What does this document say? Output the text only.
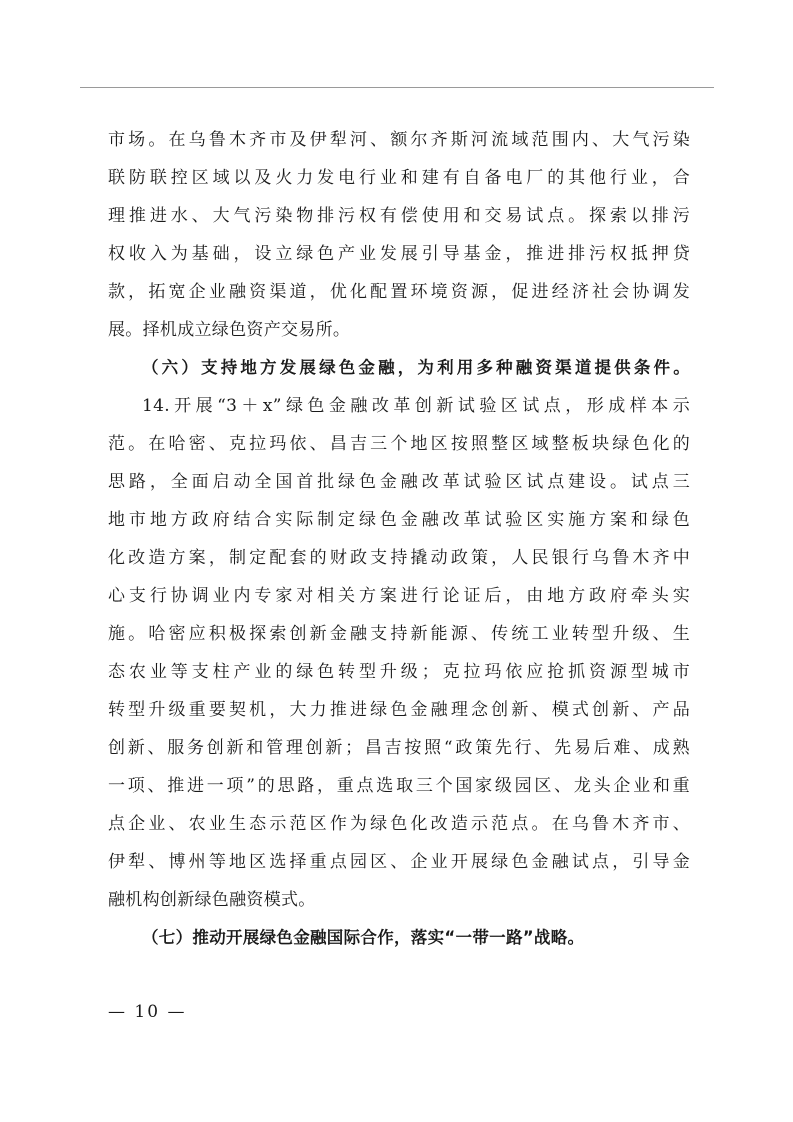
市场。在乌鲁木齐市及伊犁河、额尔齐斯河流域范围内、大气污染
联防联控区域以及火力发电行业和建有自备电厂的其他行业，合
理推进水、大气污染物排污权有偿使用和交易试点。探索以排污
权收入为基础，设立绿色产业发展引导基金，推进排污权抵押贷
款，拓宽企业融资渠道，优化配置环境资源，促进经济社会协调发
展。择机成立绿色资产交易所。
（六）支持地方发展绿色金融，为利用多种融资渠道提供条件。
14.开展“3＋x”绿色金融改革创新试验区试点，形成样本示
范。在哈密、克拉玛依、昌吉三个地区按照整区域整板块绿色化的
思路，全面启动全国首批绿色金融改革试验区试点建设。试点三
地市地方政府结合实际制定绿色金融改革试验区实施方案和绿色
化改造方案，制定配套的财政支持撬动政策，人民银行乌鲁木齐中
心支行协调业内专家对相关方案进行论证后，由地方政府牵头实
施。哈密应积极探索创新金融支持新能源、传统工业转型升级、生
态农业等支柱产业的绿色转型升级；克拉玛依应抢抓资源型城市
转型升级重要契机，大力推进绿色金融理念创新、模式创新、产品
创新、服务创新和管理创新；昌吉按照“政策先行、先易后难、成熟
一项、推进一项”的思路，重点选取三个国家级园区、龙头企业和重
点企业、农业生态示范区作为绿色化改造示范点。在乌鲁木齐市、
伊犁、博州等地区选择重点园区、企业开展绿色金融试点，引导金
融机构创新绿色融资模式。
（七）推动开展绿色金融国际合作，落实“一带一路”战略。
— 10 —
